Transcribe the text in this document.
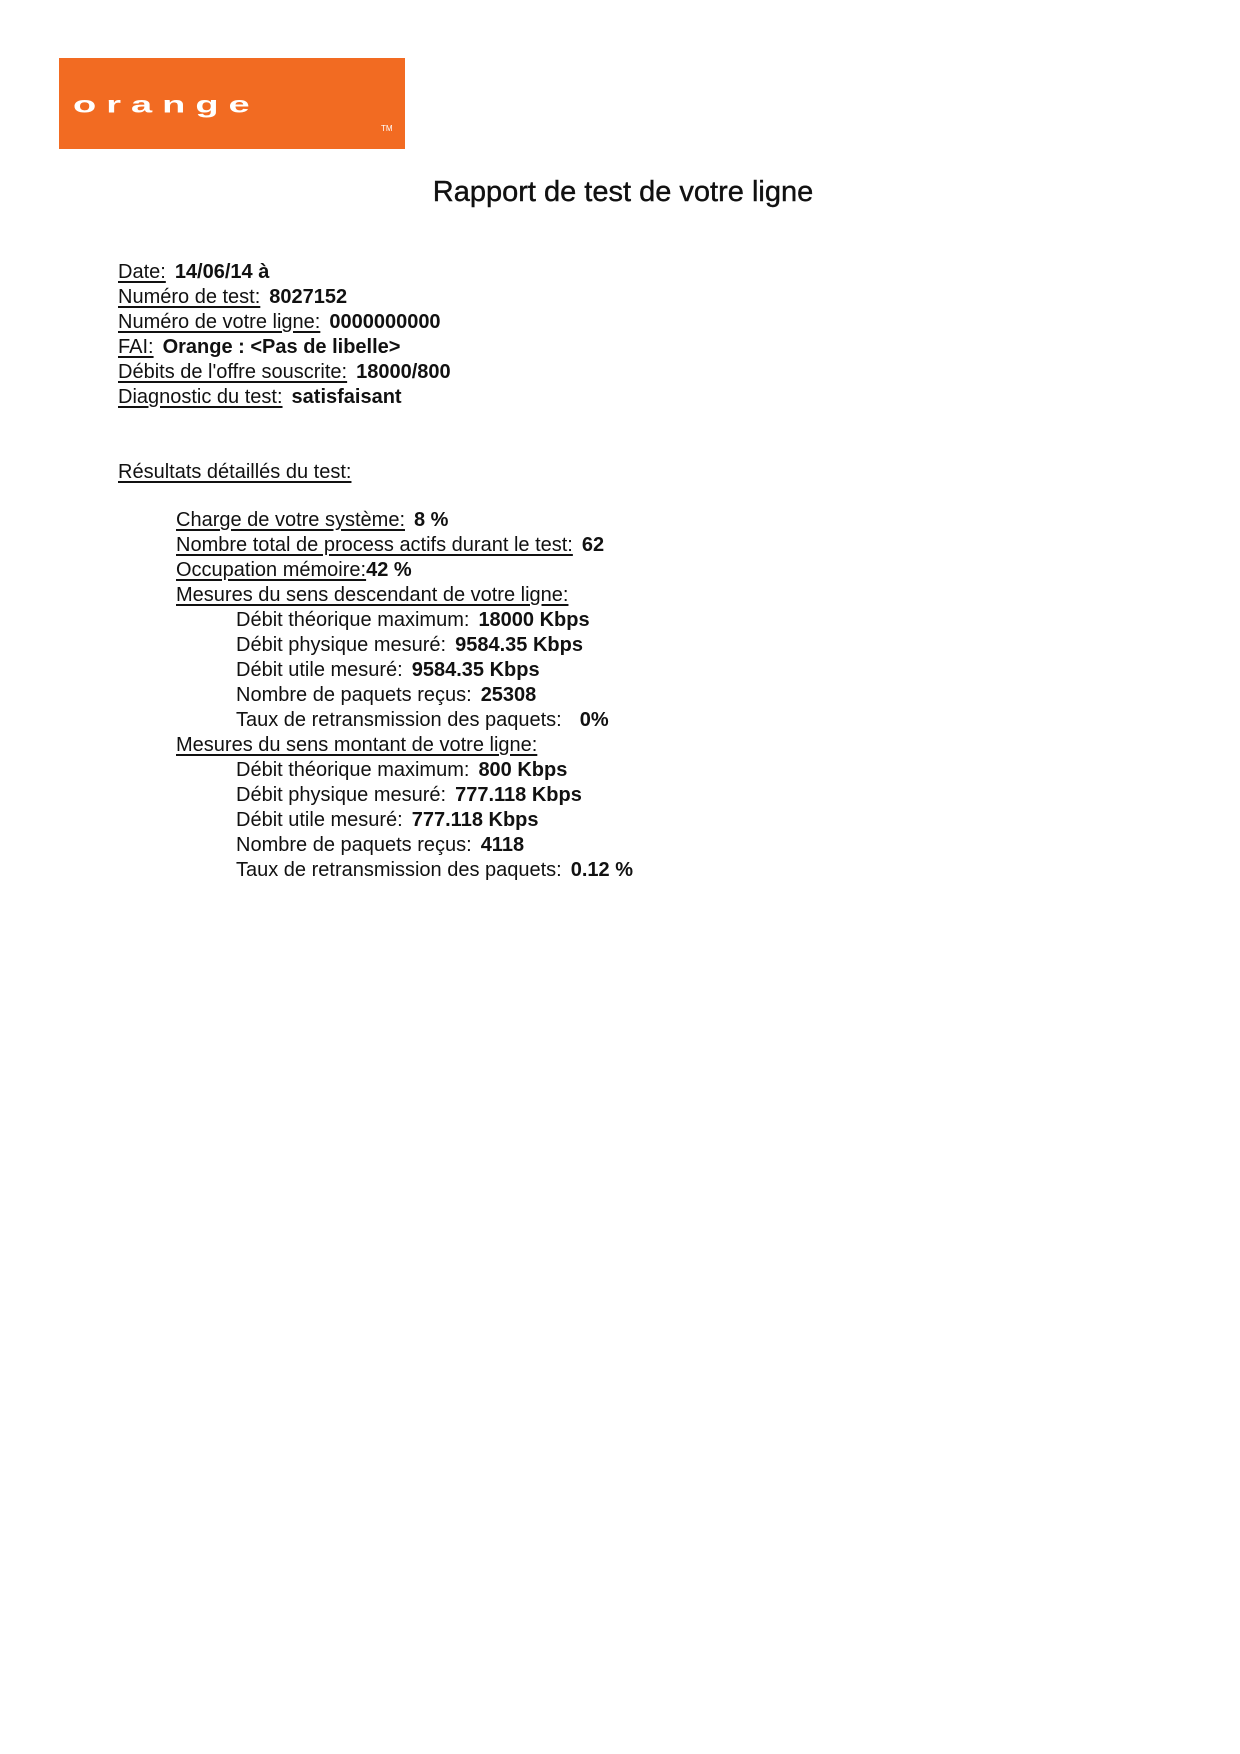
orange
TM
Rapport de test de votre ligne
Date: 14/06/14 à
Numéro de test: 8027152
Numéro de votre ligne: 0000000000
FAI: Orange : <Pas de libelle>
Débits de l'offre souscrite: 18000/800
Diagnostic du test: satisfaisant
Résultats détaillés du test:
Charge de votre système: 8 %
Nombre total de process actifs durant le test: 62
Occupation mémoire:42 %
Mesures du sens descendant de votre ligne:
Débit théorique maximum: 18000 Kbps
Débit physique mesuré: 9584.35 Kbps
Débit utile mesuré: 9584.35 Kbps
Nombre de paquets reçus: 25308
Taux de retransmission des paquets: 0%
Mesures du sens montant de votre ligne:
Débit théorique maximum: 800 Kbps
Débit physique mesuré: 777.118 Kbps
Débit utile mesuré: 777.118 Kbps
Nombre de paquets reçus: 4118
Taux de retransmission des paquets: 0.12 %
